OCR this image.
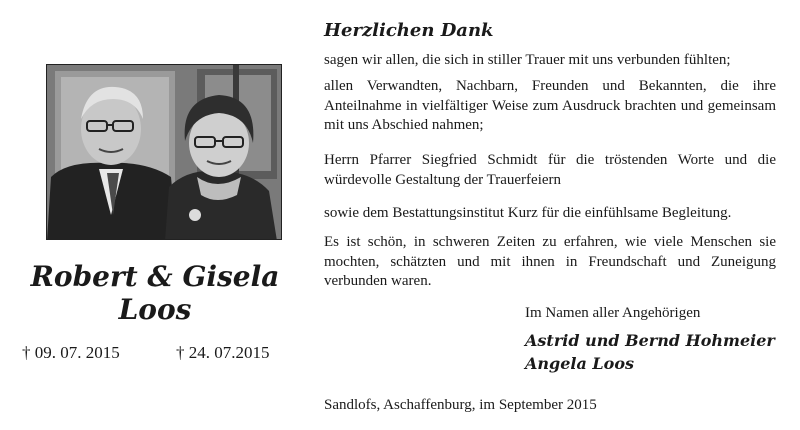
Robert & Gisela
Loos
† 09. 07. 2015	† 24. 07.2015
Herzlichen Dank
sagen wir allen, die sich in stiller Trauer mit uns verbunden fühlten;
allen Verwandten, Nachbarn, Freunden und Bekannten, die ihre
Anteilnahme in vielfältiger Weise zum Ausdruck brachten und gemeinsam
mit uns Abschied nahmen;
Herrn Pfarrer Siegfried Schmidt für die tröstenden Worte und die
würdevolle Gestaltung der Trauerfeiern
sowie dem Bestattungsinstitut Kurz für die einfühlsame Begleitung.
Es ist schön, in schweren Zeiten zu erfahren, wie viele Menschen sie
mochten, schätzten und mit ihnen in Freundschaft und Zuneigung
verbunden waren.
Im Namen aller Angehörigen
Astrid und Bernd Hohmeier
Angela Loos
Sandlofs, Aschaffenburg, im September 2015
